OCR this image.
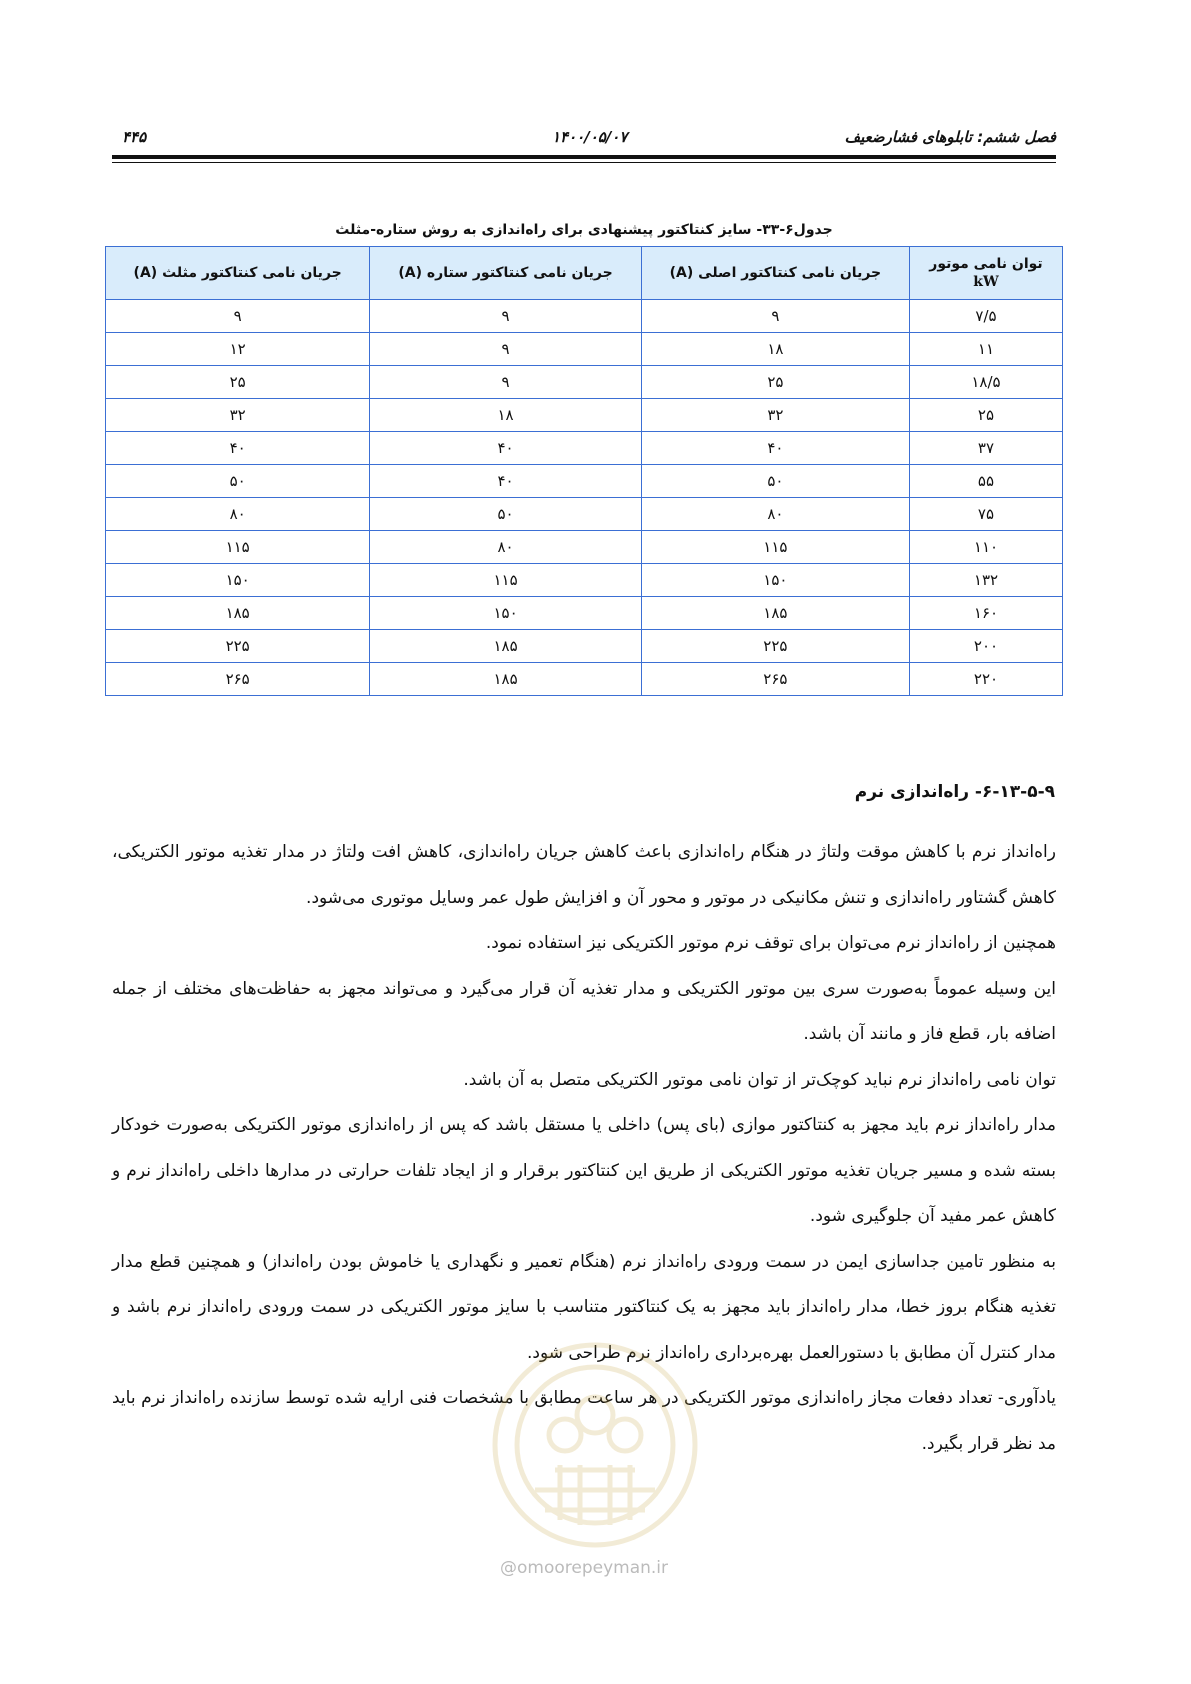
۴۴۵	۱۴۰۰/۰۵/۰۷	فصل ششم: تابلوهای فشارضعیف
جدول۶-۳۳- سایز کنتاکتور پیشنهادی برای راه‌اندازی به روش ستاره-مثلث
توان نامی موتور
kW	جریان نامی کنتاکتور اصلی (A)	جریان نامی کنتاکتور ستاره (A)	جریان نامی کنتاکتور مثلث (A)
۷/۵	۹	۹	۹
۱۱	۱۸	۹	۱۲
۱۸/۵	۲۵	۹	۲۵
۲۵	۳۲	۱۸	۳۲
۳۷	۴۰	۴۰	۴۰
۵۵	۵۰	۴۰	۵۰
۷۵	۸۰	۵۰	۸۰
۱۱۰	۱۱۵	۸۰	۱۱۵
۱۳۲	۱۵۰	۱۱۵	۱۵۰
۱۶۰	۱۸۵	۱۵۰	۱۸۵
۲۰۰	۲۲۵	۱۸۵	۲۲۵
۲۲۰	۲۶۵	۱۸۵	۲۶۵
۶-۱۳-۵-۹- راه‌اندازی نرم

راه‌انداز نرم با کاهش موقت ولتاژ در هنگام راه‌اندازی باعث کاهش جریان راه‌اندازی، کاهش افت ولتاژ در مدار تغذیه موتور الکتریکی، کاهش گشتاور راه‌اندازی و تنش مکانیکی در موتور و محور آن و افزایش طول عمر وسایل موتوری می‌شود.

همچنین از راه‌انداز نرم می‌توان برای توقف نرم موتور الکتریکی نیز استفاده نمود.

این وسیله عموماً به‌صورت سری بین موتور الکتریکی و مدار تغذیه آن قرار می‌گیرد و می‌تواند مجهز به حفاظت‌های مختلف از جمله اضافه بار، قطع فاز و مانند آن باشد.

توان نامی راه‌انداز نرم نباید کوچک‌تر از توان نامی موتور الکتریکی متصل به آن باشد.

مدار راه‌انداز نرم باید مجهز به کنتاکتور موازی (بای پس) داخلی یا مستقل باشد که پس از راه‌اندازی موتور الکتریکی به‌صورت خودکار بسته شده و مسیر جریان تغذیه موتور الکتریکی از طریق این کنتاکتور برقرار و از ایجاد تلفات حرارتی در مدارها داخلی راه‌انداز نرم و کاهش عمر مفید آن جلوگیری شود.

به منظور تامین جداسازی ایمن در سمت ورودی راه‌انداز نرم (هنگام تعمیر و نگهداری یا خاموش بودن راه‌انداز) و همچنین قطع مدار تغذیه هنگام بروز خطا، مدار راه‌انداز باید مجهز به یک کنتاکتور متناسب با سایز موتور الکتریکی در سمت ورودی راه‌انداز نرم باشد و مدار کنترل آن مطابق با دستورالعمل بهره‌برداری راه‌انداز نرم طراحی شود.

یادآوری- تعداد دفعات مجاز راه‌اندازی موتور الکتریکی در هر ساعت مطابق با مشخصات فنی ارایه شده توسط سازنده راه‌انداز نرم باید مد نظر قرار بگیرد.

@omoorepeyman.ir
